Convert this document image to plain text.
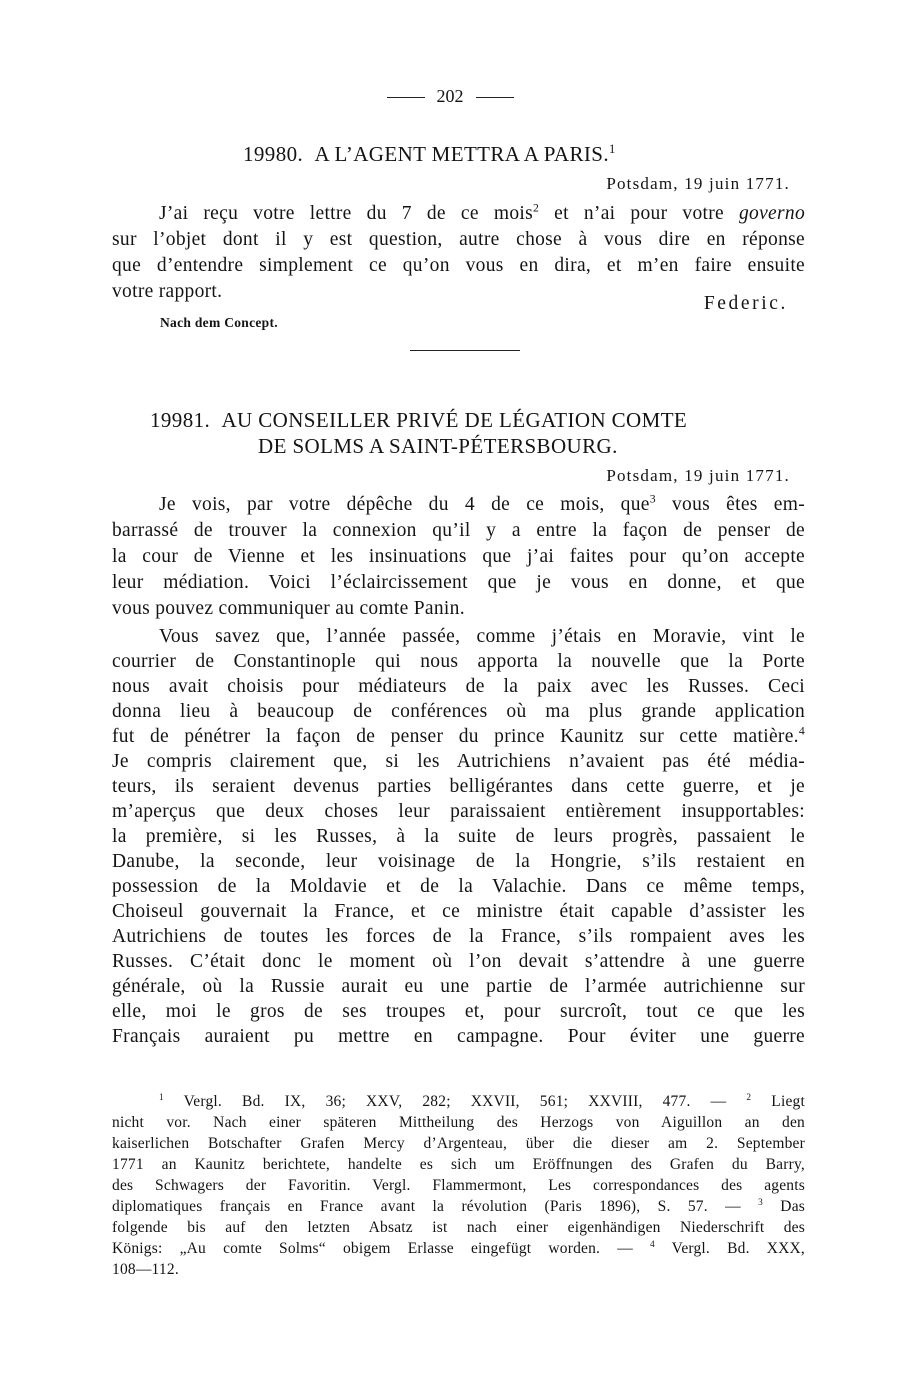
202
19980. A L’AGENT METTRA A PARIS.$^1$
Potsdam, 19 juin 1771.
J’ai reçu votre lettre du 7 de ce mois$^2$ et n’ai pour votre governo
sur l’objet dont il y est question, autre chose à vous dire en réponse
que d’entendre simplement ce qu’on vous en dira, et m’en faire ensuite
votre rapport.
Federic.
Nach dem Concept.
19981. AU CONSEILLER PRIVÉ DE LÉGATION COMTE
DE SOLMS A SAINT-PÉTERSBOURG.
Potsdam, 19 juin 1771.
Je vois, par votre dépêche du 4 de ce mois, que$^3$ vous êtes em-
barrassé de trouver la connexion qu’il y a entre la façon de penser de
la cour de Vienne et les insinuations que j’ai faites pour qu’on accepte
leur médiation. Voici l’éclaircissement que je vous en donne, et que
vous pouvez communiquer au comte Panin.
Vous savez que, l’année passée, comme j’étais en Moravie, vint le
courrier de Constantinople qui nous apporta la nouvelle que la Porte
nous avait choisis pour médiateurs de la paix avec les Russes. Ceci
donna lieu à beaucoup de conférences où ma plus grande application
fut de pénétrer la façon de penser du prince Kaunitz sur cette matière.$^4$
Je compris clairement que, si les Autrichiens n’avaient pas été média-
teurs, ils seraient devenus parties belligérantes dans cette guerre, et je
m’aperçus que deux choses leur paraissaient entièrement insupportables:
la première, si les Russes, à la suite de leurs progrès, passaient le
Danube, la seconde, leur voisinage de la Hongrie, s’ils restaient en
possession de la Moldavie et de la Valachie. Dans ce même temps,
Choiseul gouvernait la France, et ce ministre était capable d’assister les
Autrichiens de toutes les forces de la France, s’ils rompaient aves les
Russes. C’était donc le moment où l’on devait s’attendre à une guerre
générale, où la Russie aurait eu une partie de l’armée autrichienne sur
elle, moi le gros de ses troupes et, pour surcroît, tout ce que les
Français auraient pu mettre en campagne. Pour éviter une guerre
$^1$ Vergl. Bd. IX, 36; XXV, 282; XXVII, 561; XXVIII, 477. — $^2$ Liegt
nicht vor. Nach einer späteren Mittheilung des Herzogs von Aiguillon an den
kaiserlichen Botschafter Grafen Mercy d’Argenteau, über die dieser am 2. September
1771 an Kaunitz berichtete, handelte es sich um Eröffnungen des Grafen du Barry,
des Schwagers der Favoritin. Vergl. Flammermont, Les correspondances des agents
diplomatiques français en France avant la révolution (Paris 1896), S. 57. — $^3$ Das
folgende bis auf den letzten Absatz ist nach einer eigenhändigen Niederschrift des
Königs: „Au comte Solms“ obigem Erlasse eingefügt worden. — $^4$ Vergl. Bd. XXX,
108—112.
